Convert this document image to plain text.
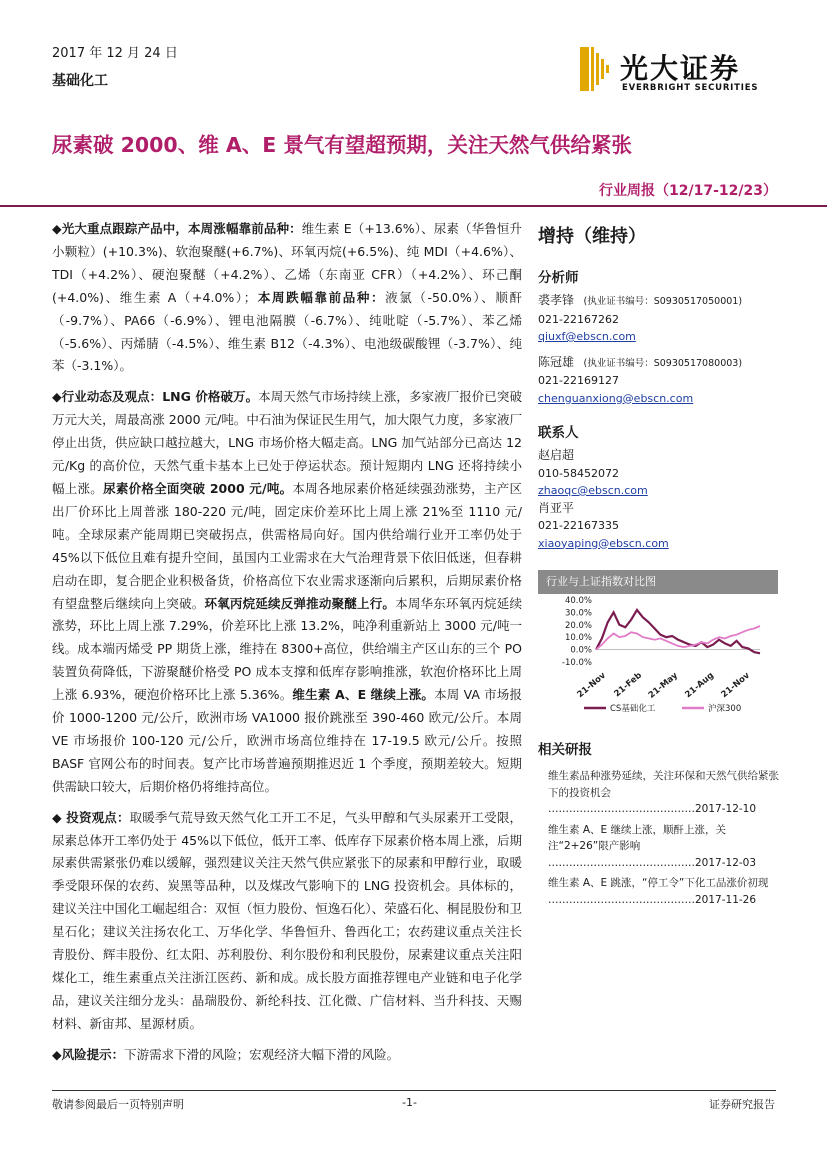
2017 年 12 月 24 日
基础化工	光大证券
EVERBRIGHT SECURITIES
尿素破 2000、维 A、E 景气有望超预期，关注天然气供给紧张
行业周报（12/17-12/23）

◆光大重点跟踪产品中，本周涨幅靠前品种：维生素 E（+13.6%）、尿素（华鲁恒升小颗粒）(+10.3%)、软泡聚醚(+6.7%)、环氧丙烷(+6.5%)、纯 MDI（+4.6%）、TDI（+4.2%）、硬泡聚醚（+4.2%）、乙烯（东南亚 CFR）（+4.2%）、环己酮(+4.0%)、维生素 A（+4.0%）；本周跌幅靠前品种：液氯（-50.0%）、顺酐（-9.7%）、PA66（-6.9%）、锂电池隔膜（-6.7%）、纯吡啶（-5.7%）、苯乙烯（-5.6%）、丙烯腈（-4.5%）、维生素 B12（-4.3%）、电池级碳酸锂（-3.7%）、纯苯（-3.1%）。

◆行业动态及观点：LNG 价格破万。本周天然气市场持续上涨，多家液厂报价已突破万元大关，周最高涨 2000 元/吨。中石油为保证民生用气，加大限气力度，多家液厂停止出货，供应缺口越拉越大，LNG 市场价格大幅走高。LNG 加气站部分已高达 12 元/Kg 的高价位，天然气重卡基本上已处于停运状态。预计短期内 LNG 还将持续小幅上涨。尿素价格全面突破 2000 元/吨。本周各地尿素价格延续强劲涨势，主产区出厂价环比上周普涨 180-220 元/吨，固定床价差环比上周上涨 21%至 1110 元/吨。全球尿素产能周期已突破拐点，供需格局向好。国内供给端行业开工率仍处于 45%以下低位且难有提升空间，虽国内工业需求在大气治理背景下依旧低迷，但春耕启动在即，复合肥企业积极备货，价格高位下农业需求逐渐向后累积，后期尿素价格有望盘整后继续向上突破。环氧丙烷延续反弹推动聚醚上行。本周华东环氧丙烷延续涨势，环比上周上涨 7.29%，价差环比上涨 13.2%，吨净利重新站上 3000 元/吨一线。成本端丙烯受 PP 期货上涨，维持在 8300+高位，供给端主产区山东的三个 PO 装置负荷降低，下游聚醚价格受 PO 成本支撑和低库存影响推涨，软泡价格环比上周上涨 6.93%，硬泡价格环比上涨 5.36%。维生素 A、E 继续上涨。本周 VA 市场报价 1000-1200 元/公斤，欧洲市场 VA1000 报价跳涨至 390-460 欧元/公斤。本周 VE 市场报价 100-120 元/公斤，欧洲市场高位维持在 17-19.5 欧元/公斤。按照 BASF 官网公布的时间表。复产比市场普遍预期推迟近 1 个季度，预期差较大。短期供需缺口较大，后期价格仍将维持高位。

◆ 投资观点：取暖季气荒导致天然气化工开工不足，气头甲醇和气头尿素开工受限，尿素总体开工率仍处于 45%以下低位，低开工率、低库存下尿素价格本周上涨，后期尿素供需紧张仍难以缓解，强烈建议关注天然气供应紧张下的尿素和甲醇行业，取暖季受限环保的农药、炭黑等品种，以及煤改气影响下的 LNG 投资机会。具体标的，建议关注中国化工崛起组合：双恒（恒力股份、恒逸石化）、荣盛石化、桐昆股份和卫星石化；建议关注扬农化工、万华化学、华鲁恒升、鲁西化工；农药建议重点关注长青股份、辉丰股份、红太阳、苏利股份、利尔股份和利民股份，尿素建议重点关注阳煤化工，维生素重点关注浙江医药、新和成。成长股方面推荐锂电产业链和电子化学品，建议关注细分龙头：晶瑞股份、新纶科技、江化微、广信材料、当升科技、天赐材料、新宙邦、星源材质。

◆风险提示：下游需求下滑的风险；宏观经济大幅下滑的风险。

增持（维持）
分析师
裘孝锋 (执业证书编号：S0930517050001)
021-22167262
qiuxf@ebscn.com
陈冠雄 (执业证书编号：S0930517080003)
021-22169127
chenguanxiong@ebscn.com
联系人
赵启超
010-58452072
zhaoqc@ebscn.com
肖亚平
021-22167335
xiaoyaping@ebscn.com
行业与上证指数对比图
40.0%
30.0%
20.0%
10.0%
0.0%
-10.0%
21-Nov 21-Feb 21-May 21-Aug 21-Nov
CS基础化工	沪深300
相关研报
维生素品种涨势延续，关注环保和天然气供给紧张下的投资机会
……………………………………2017-12-10
维生素 A、E 继续上涨，顺酐上涨，关注“2+26”限产影响
……………………………………2017-12-03
维生素 A、E 跳涨，“停工令”下化工品涨价初现
……………………………………2017-11-26
敬请参阅最后一页特别声明	-1-	证券研究报告
